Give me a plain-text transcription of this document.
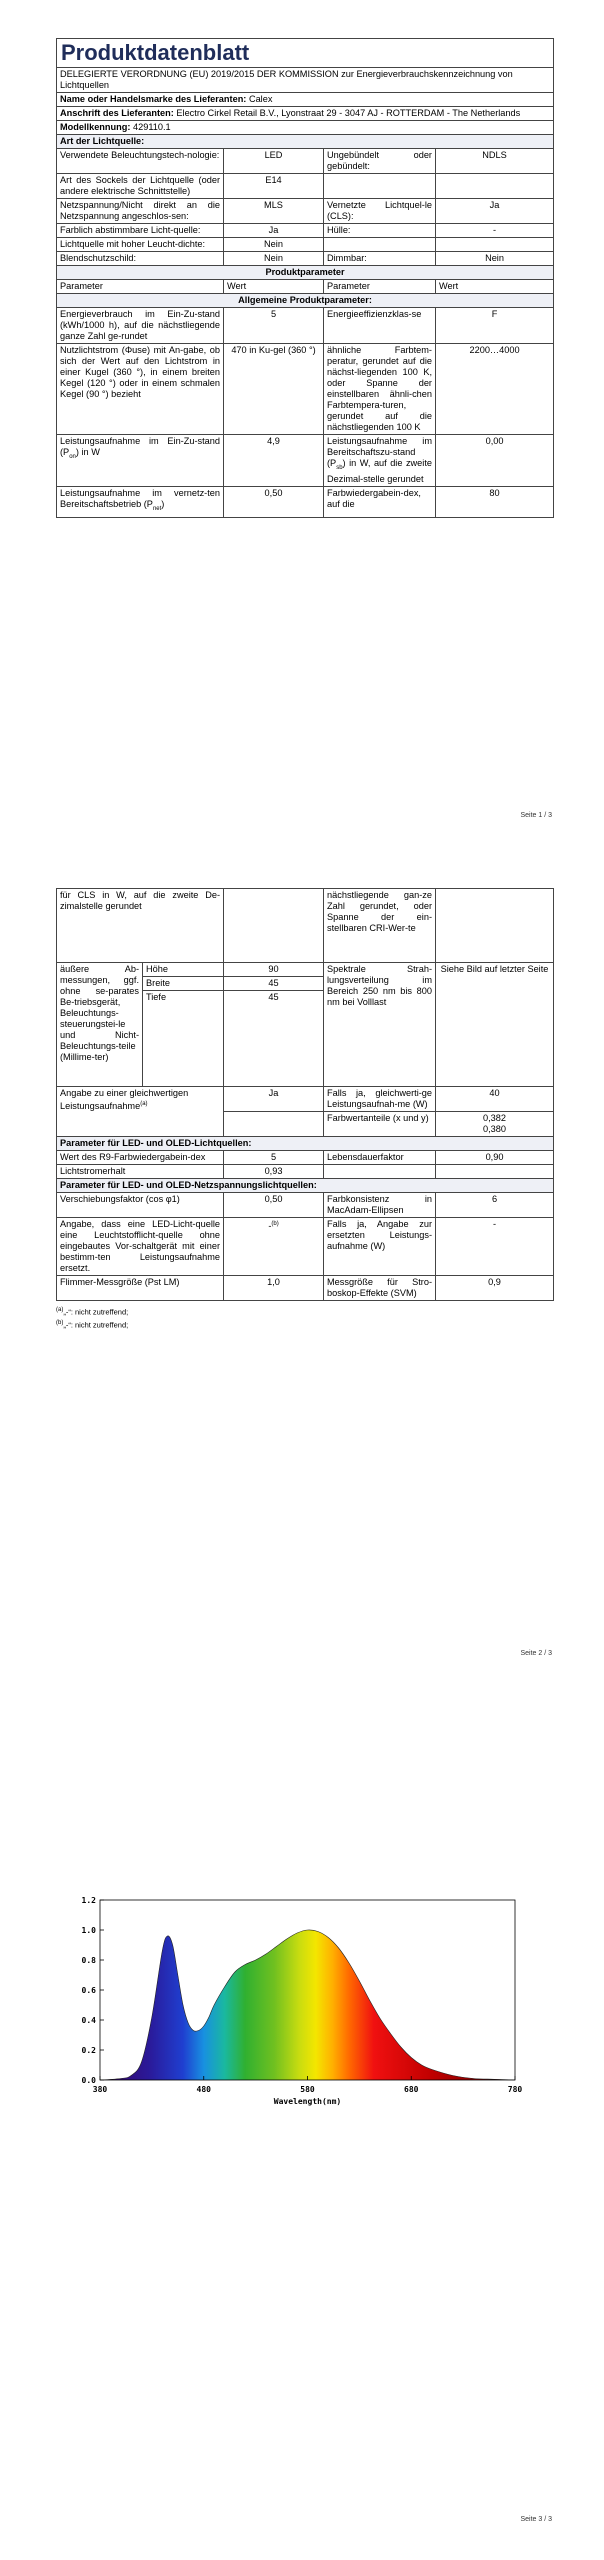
Produktdatenblatt			
DELEGIERTE VERORDNUNG (EU) 2019/2015 DER KOMMISSION zur Energieverbrauchskennzeichnung von Lichtquellen			
Name oder Handelsmarke des Lieferanten: Calex			
Anschrift des Lieferanten: Electro Cirkel Retail B.V., Lyonstraat 29 - 3047 AJ - ROTTERDAM - The Netherlands			
Modellkennung: 429110.1			
Art der Lichtquelle:			
Verwendete Beleuchtungstech-nologie:	LED	Ungebündelt oder gebündelt:	NDLS
Art des Sockels der Lichtquelle (oder andere elektrische Schnittstelle)	E14		
Netzspannung/Nicht direkt an die Netzspannung angeschlos-sen:	MLS	Vernetzte Lichtquel-le (CLS):	Ja
Farblich abstimmbare Licht-quelle:	Ja	Hülle:	-
Lichtquelle mit hoher Leucht-dichte:	Nein		
Blendschutzschild:	Nein	Dimmbar:	Nein
Produktparameter			
Parameter	Wert	Parameter	Wert
Allgemeine Produktparameter:			
Energieverbrauch im Ein-Zu-stand (kWh/1000 h), auf die nächstliegende ganze Zahl ge-rundet	5	Energieeffizienzklas-se	F
Nutzlichtstrom (Φuse) mit An-gabe, ob sich der Wert auf den Lichtstrom in einer Kugel (360 °), in einem breiten Kegel (120 °) oder in einem schmalen Kegel (90 °) bezieht	470 in Ku-gel (360 °)	ähnliche Farbtem-peratur, gerundet auf die nächst-liegenden 100 K, oder Spanne der einstellbaren ähnli-chen Farbtempera-turen, gerundet auf die nächstliegenden 100 K	2200…4000
Leistungsaufnahme im Ein-Zu-stand $(P_{on})$ in W	4,9	Leistungsaufnahme im Bereitschaftszu-stand $(P_{sb})$ in W, auf die zweite Dezimal-stelle gerundet	0,00
Leistungsaufnahme im vernetz-ten Bereitschaftsbetrieb $(P_{net})$	0,50	Farbwiedergabein-dex, auf die	80
Seite 1 / 3
für CLS in W, auf die zweite De-zimalstelle gerundet			nächstliegende gan-ze Zahl gerundet, oder Spanne der ein-stellbaren CRI-Wer-te	
äußere Ab-messungen, ggf. ohne se-parates Be-triebsgerät, Beleuchtungs-steuerungstei-le und Nicht-Beleuchtungs-teile (Millime-ter)	Höhe	90	Spektrale Strah-lungsverteilung im Bereich 250 nm bis 800 nm bei Volllast	Siehe Bild auf letzter Seite
	Breite	45		
	Tiefe	45		
Angabe zu einer gleichwertigen Leistungsaufnahme$^{(a)}$		Ja	Falls ja, gleichwerti-ge Leistungsaufnah-me (W)	40
			Farbwertanteile (x und y)	0,382
0,380

Parameter für LED- und OLED-Lichtquellen:				
Wert des R9-Farbwiedergabein-dex		5	Lebensdauerfaktor	0,90
Lichtstromerhalt		0,93		
Parameter für LED- und OLED-Netzspannungslichtquellen:				
Verschiebungsfaktor (cos φ1)		0,50	Farbkonsistenz in MacAdam-Ellipsen	6
Angabe, dass eine LED-Licht-quelle eine Leuchtstofflicht-quelle ohne eingebautes Vor-schaltgerät mit einer bestimm-ten Leistungsaufnahme ersetzt.		-$^{(b)}$	Falls ja, Angabe zur ersetzten Leistungs-aufnahme (W)	-
Flimmer-Messgröße (Pst LM)		1,0	Messgröße für Stro-boskop-Effekte (SVM)	0,9
$^{(a)}$„-“: nicht zutreffend;
$^{(b)}$„-“: nicht zutreffend;
Seite 2 / 3
380	480	580	680	780
0.0
0.2
0.4
0.6
0.8
1.0
1.2
Wavelength(nm)
Seite 3 / 3
